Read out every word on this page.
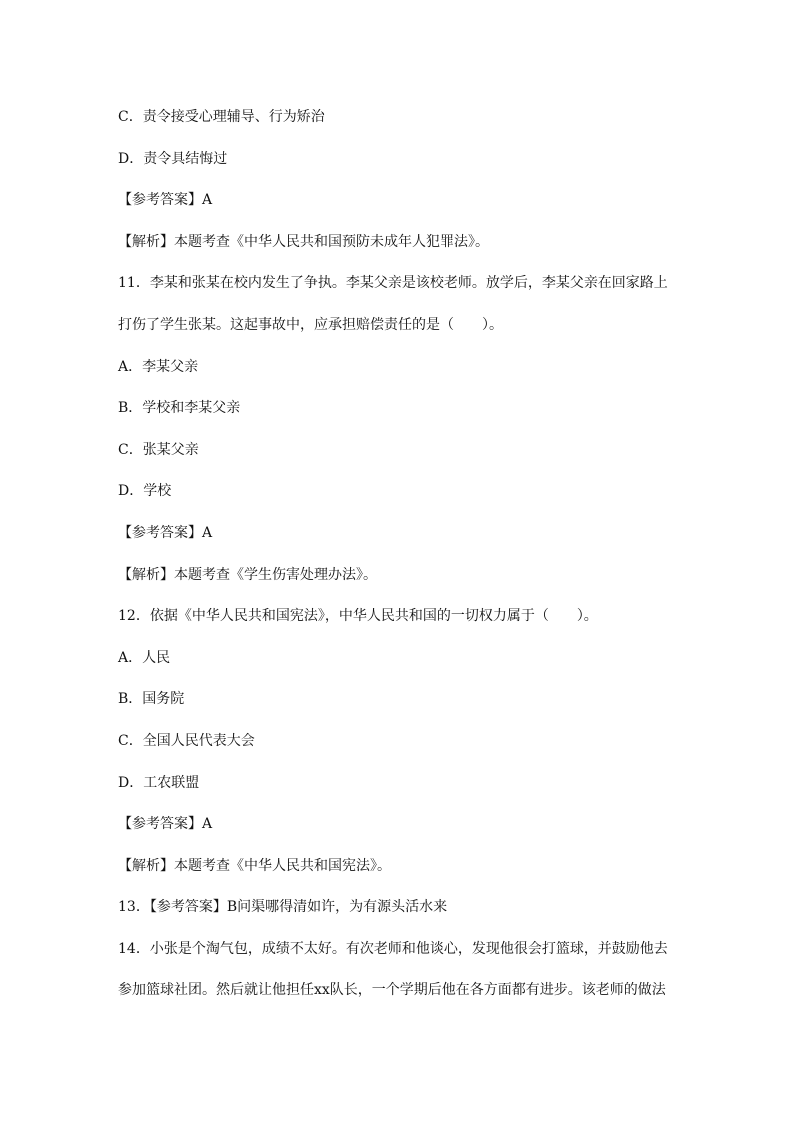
C．责令接受心理辅导、行为矫治
D．责令具结悔过
【参考答案】A
【解析】本题考查《中华人民共和国预防未成年人犯罪法》。
11．李某和张某在校内发生了争执。李某父亲是该校老师。放学后，李某父亲在回家路上
打伤了学生张某。这起事故中，应承担赔偿责任的是（　　）。
A．李某父亲
B．学校和李某父亲
C．张某父亲
D．学校
【参考答案】A
【解析】本题考查《学生伤害处理办法》。
12．依据《中华人民共和国宪法》，中华人民共和国的一切权力属于（　　）。
A．人民
B．国务院
C．全国人民代表大会
D．工农联盟
【参考答案】A
【解析】本题考查《中华人民共和国宪法》。
13．【参考答案】B问渠哪得清如许，为有源头活水来
14．小张是个淘气包，成绩不太好。有次老师和他谈心，发现他很会打篮球，并鼓励他去
参加篮球社团。然后就让他担任xx队长，一个学期后他在各方面都有进步。该老师的做法
